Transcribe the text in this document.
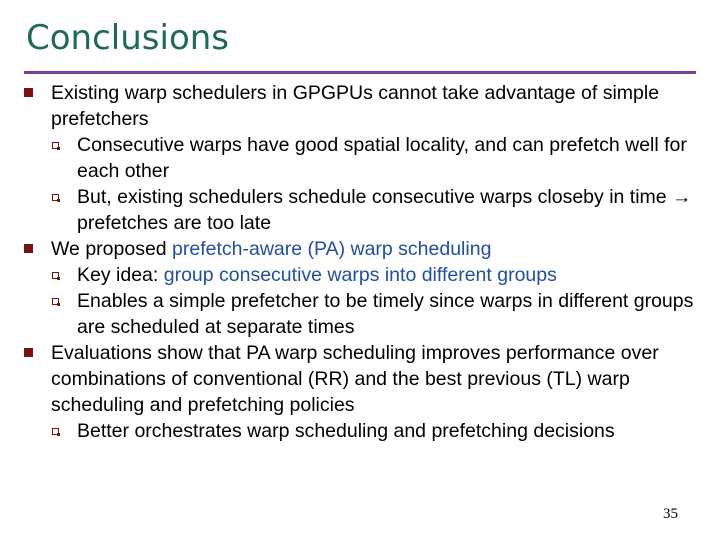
Conclusions
Existing warp schedulers in GPGPUs cannot take advantage of simple prefetchers
Consecutive warps have good spatial locality, and can prefetch well for each other
But, existing schedulers schedule consecutive warps closeby in time → prefetches are too late
We proposed prefetch-aware (PA) warp scheduling
Key idea: group consecutive warps into different groups
Enables a simple prefetcher to be timely since warps in different groups are scheduled at separate times
Evaluations show that PA warp scheduling improves performance over combinations of conventional (RR) and the best previous (TL) warp scheduling and prefetching policies
Better orchestrates warp scheduling and prefetching decisions
35
